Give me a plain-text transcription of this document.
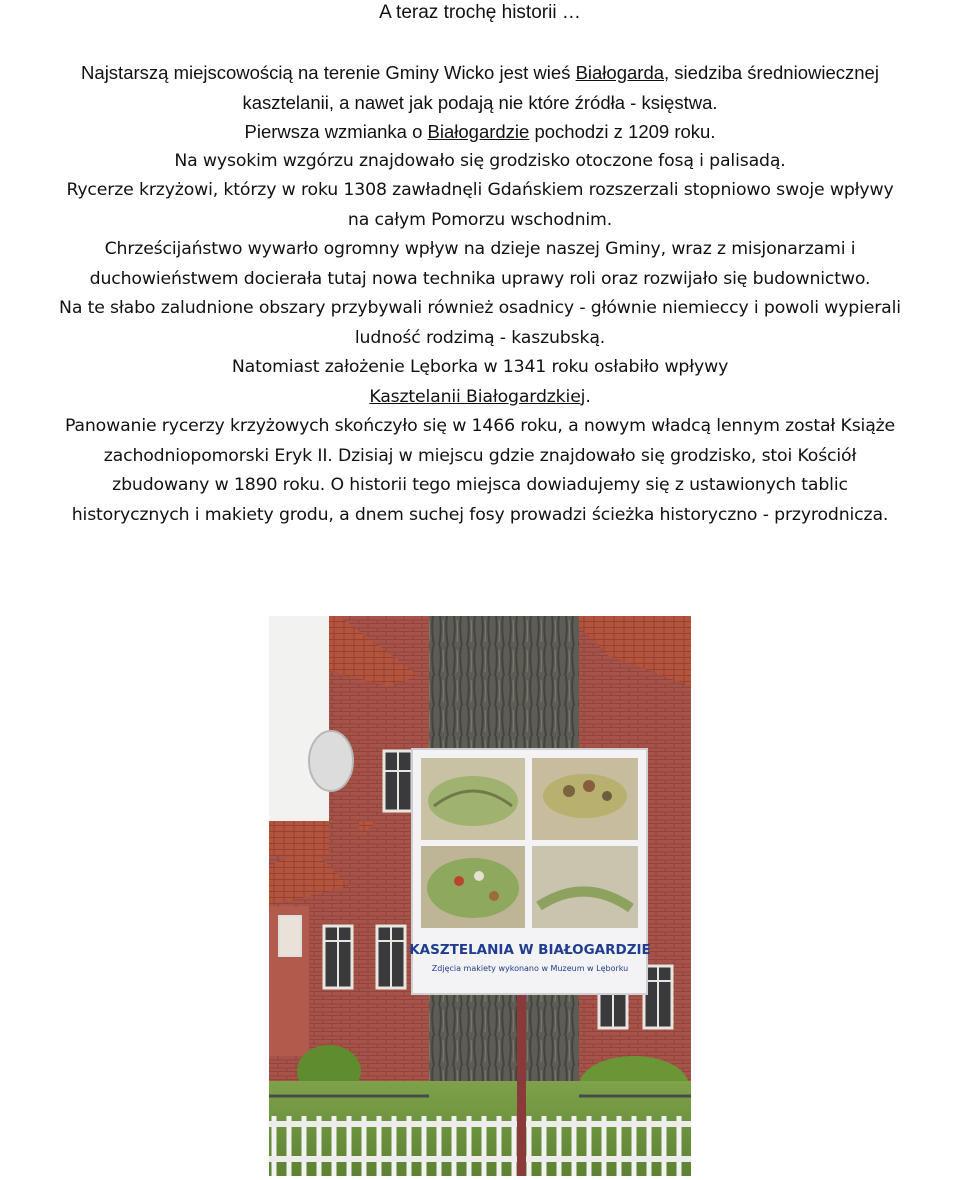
A teraz trochę historii …
Najstarszą miejscowością na terenie Gminy Wicko jest wieś Białogarda, siedziba średniowiecznej
kasztelanii, a nawet jak podają nie które źródła - księstwa.
Pierwsza wzmianka o Białogardzie pochodzi z 1209 roku.
Na wysokim wzgórzu znajdowało się grodzisko otoczone fosą i palisadą.
Rycerze krzyżowi, którzy w roku 1308 zawładnęli Gdańskiem rozszerzali stopniowo swoje wpływy
na całym Pomorzu wschodnim.
Chrześcijaństwo wywarło ogromny wpływ na dzieje naszej Gminy, wraz z misjonarzami i
duchowieństwem docierała tutaj nowa technika uprawy roli oraz rozwijało się budownictwo.
Na te słabo zaludnione obszary przybywali również osadnicy - głównie niemieccy i powoli wypierali
ludność rodzimą - kaszubską.
Natomiast założenie Lęborka w 1341 roku osłabiło wpływy
Kasztelanii Białogardzkiej.
Panowanie rycerzy krzyżowych skończyło się w 1466 roku, a nowym władcą lennym został Książe
zachodniopomorski Eryk II. Dzisiaj w miejscu gdzie znajdowało się grodzisko, stoi Kościół
zbudowany w 1890 roku. O historii tego miejsca dowiadujemy się z ustawionych tablic
historycznych i makiety grodu, a dnem suchej fosy prowadzi ścieżka historyczno - przyrodnicza.
KASZTELANIA W BIAŁOGARDZIE
Zdjęcia makiety wykonano w Muzeum w Lęborku
